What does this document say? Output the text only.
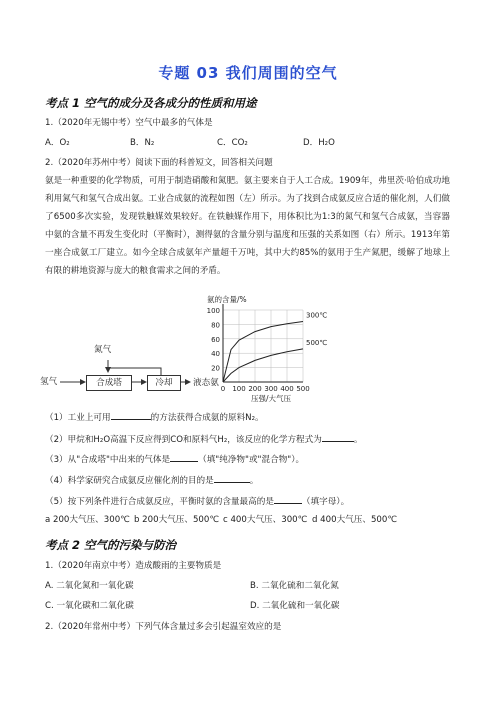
专题 03 我们周围的空气
考点 1 空气的成分及各成分的性质和用途
1.（2020年无锡中考）空气中最多的气体是
A．O₂	B．N₂	C．CO₂	D．H₂O
2.（2020年苏州中考）阅读下面的科普短文，回答相关问题
氨是一种重要的化学物质，可用于制造硝酸和氮肥。氨主要来自于人工合成。1909年，弗里茨·哈伯成功地利用氮气和氢气合成出氨。工业合成氨的流程如图（左）所示。为了找到合成氨反应合适的催化剂，人们做了6500多次实验，发现铁触媒效果较好。在铁触媒作用下，用体积比为1:3的氮气和氢气合成氨，当容器中氨的含量不再发生变化时（平衡时），测得氨的含量分别与温度和压强的关系如图（右）所示。1913年第一座合成氨工厂建立。如今全球合成氨年产量超千万吨，其中大约85%的氨用于生产氮肥，缓解了地球上有限的耕地资源与庞大的粮食需求之间的矛盾。
氮气
氢气	合成塔	冷却	液态氨
20
40
60
80
100
0 100 200 300 400 500
氨的含量/%
压强/大气压
300℃
500℃
（1）工业上可用	的方法获得合成氨的原料N₂。
（2）甲烷和H₂O高温下反应得到CO和原料气H₂，该反应的化学方程式为	。
（3）从"合成塔"中出来的气体是	（填"纯净物"或"混合物"）。
（4）科学家研究合成氨反应催化剂的目的是	。
（5）按下列条件进行合成氨反应，平衡时氨的含量最高的是	（填字母）。
a 200大气压、300℃ b 200大气压、500℃ c 400大气压、300℃ d 400大气压、500℃
考点 2 空气的污染与防治
1.（2020年南京中考）造成酸雨的主要物质是
A. 二氧化氮和一氧化碳	B. 二氧化硫和二氧化氮
C. 一氧化碳和二氧化碳	D. 二氧化硫和一氧化碳
2.（2020年常州中考）下列气体含量过多会引起温室效应的是
